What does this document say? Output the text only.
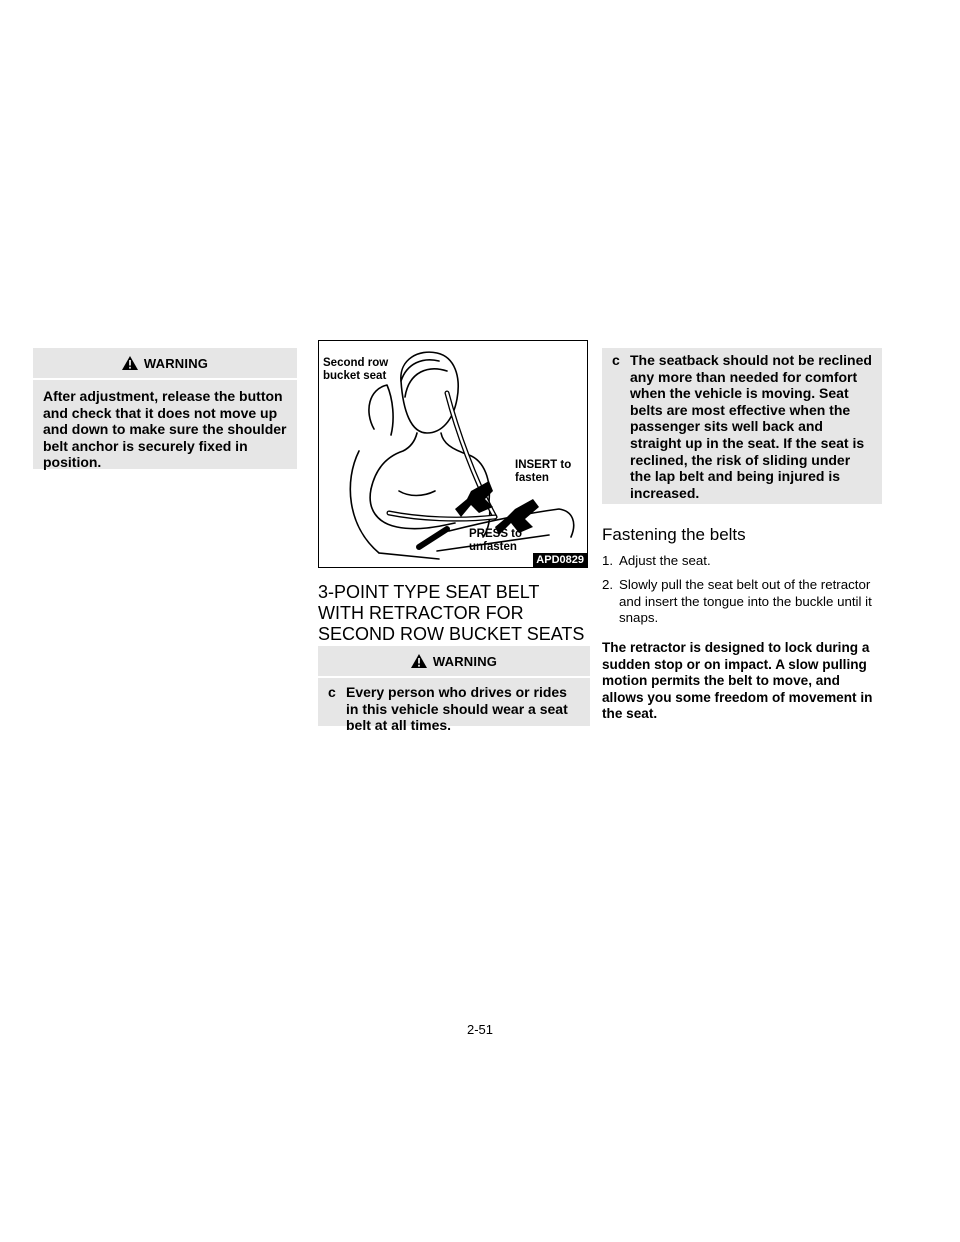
WARNING
After adjustment, release the button and check that it does not move up and down to make sure the shoulder belt anchor is securely fixed in position.
Second row
bucket seat
INSERT to
fasten
PRESS to
unfasten
APD0829
3-POINT TYPE SEAT BELT WITH RETRACTOR FOR SECOND ROW BUCKET SEATS
WARNING
c Every person who drives or rides in this vehicle should wear a seat belt at all times.
c The seatback should not be reclined any more than needed for comfort when the vehicle is moving. Seat belts are most effective when the passenger sits well back and straight up in the seat. If the seat is reclined, the risk of sliding under the lap belt and being injured is increased.
Fastening the belts
1. Adjust the seat.
2. Slowly pull the seat belt out of the retractor and insert the tongue into the buckle until it snaps.
The retractor is designed to lock during a sudden stop or on impact. A slow pulling motion permits the belt to move, and allows you some freedom of movement in the seat.
2-51
